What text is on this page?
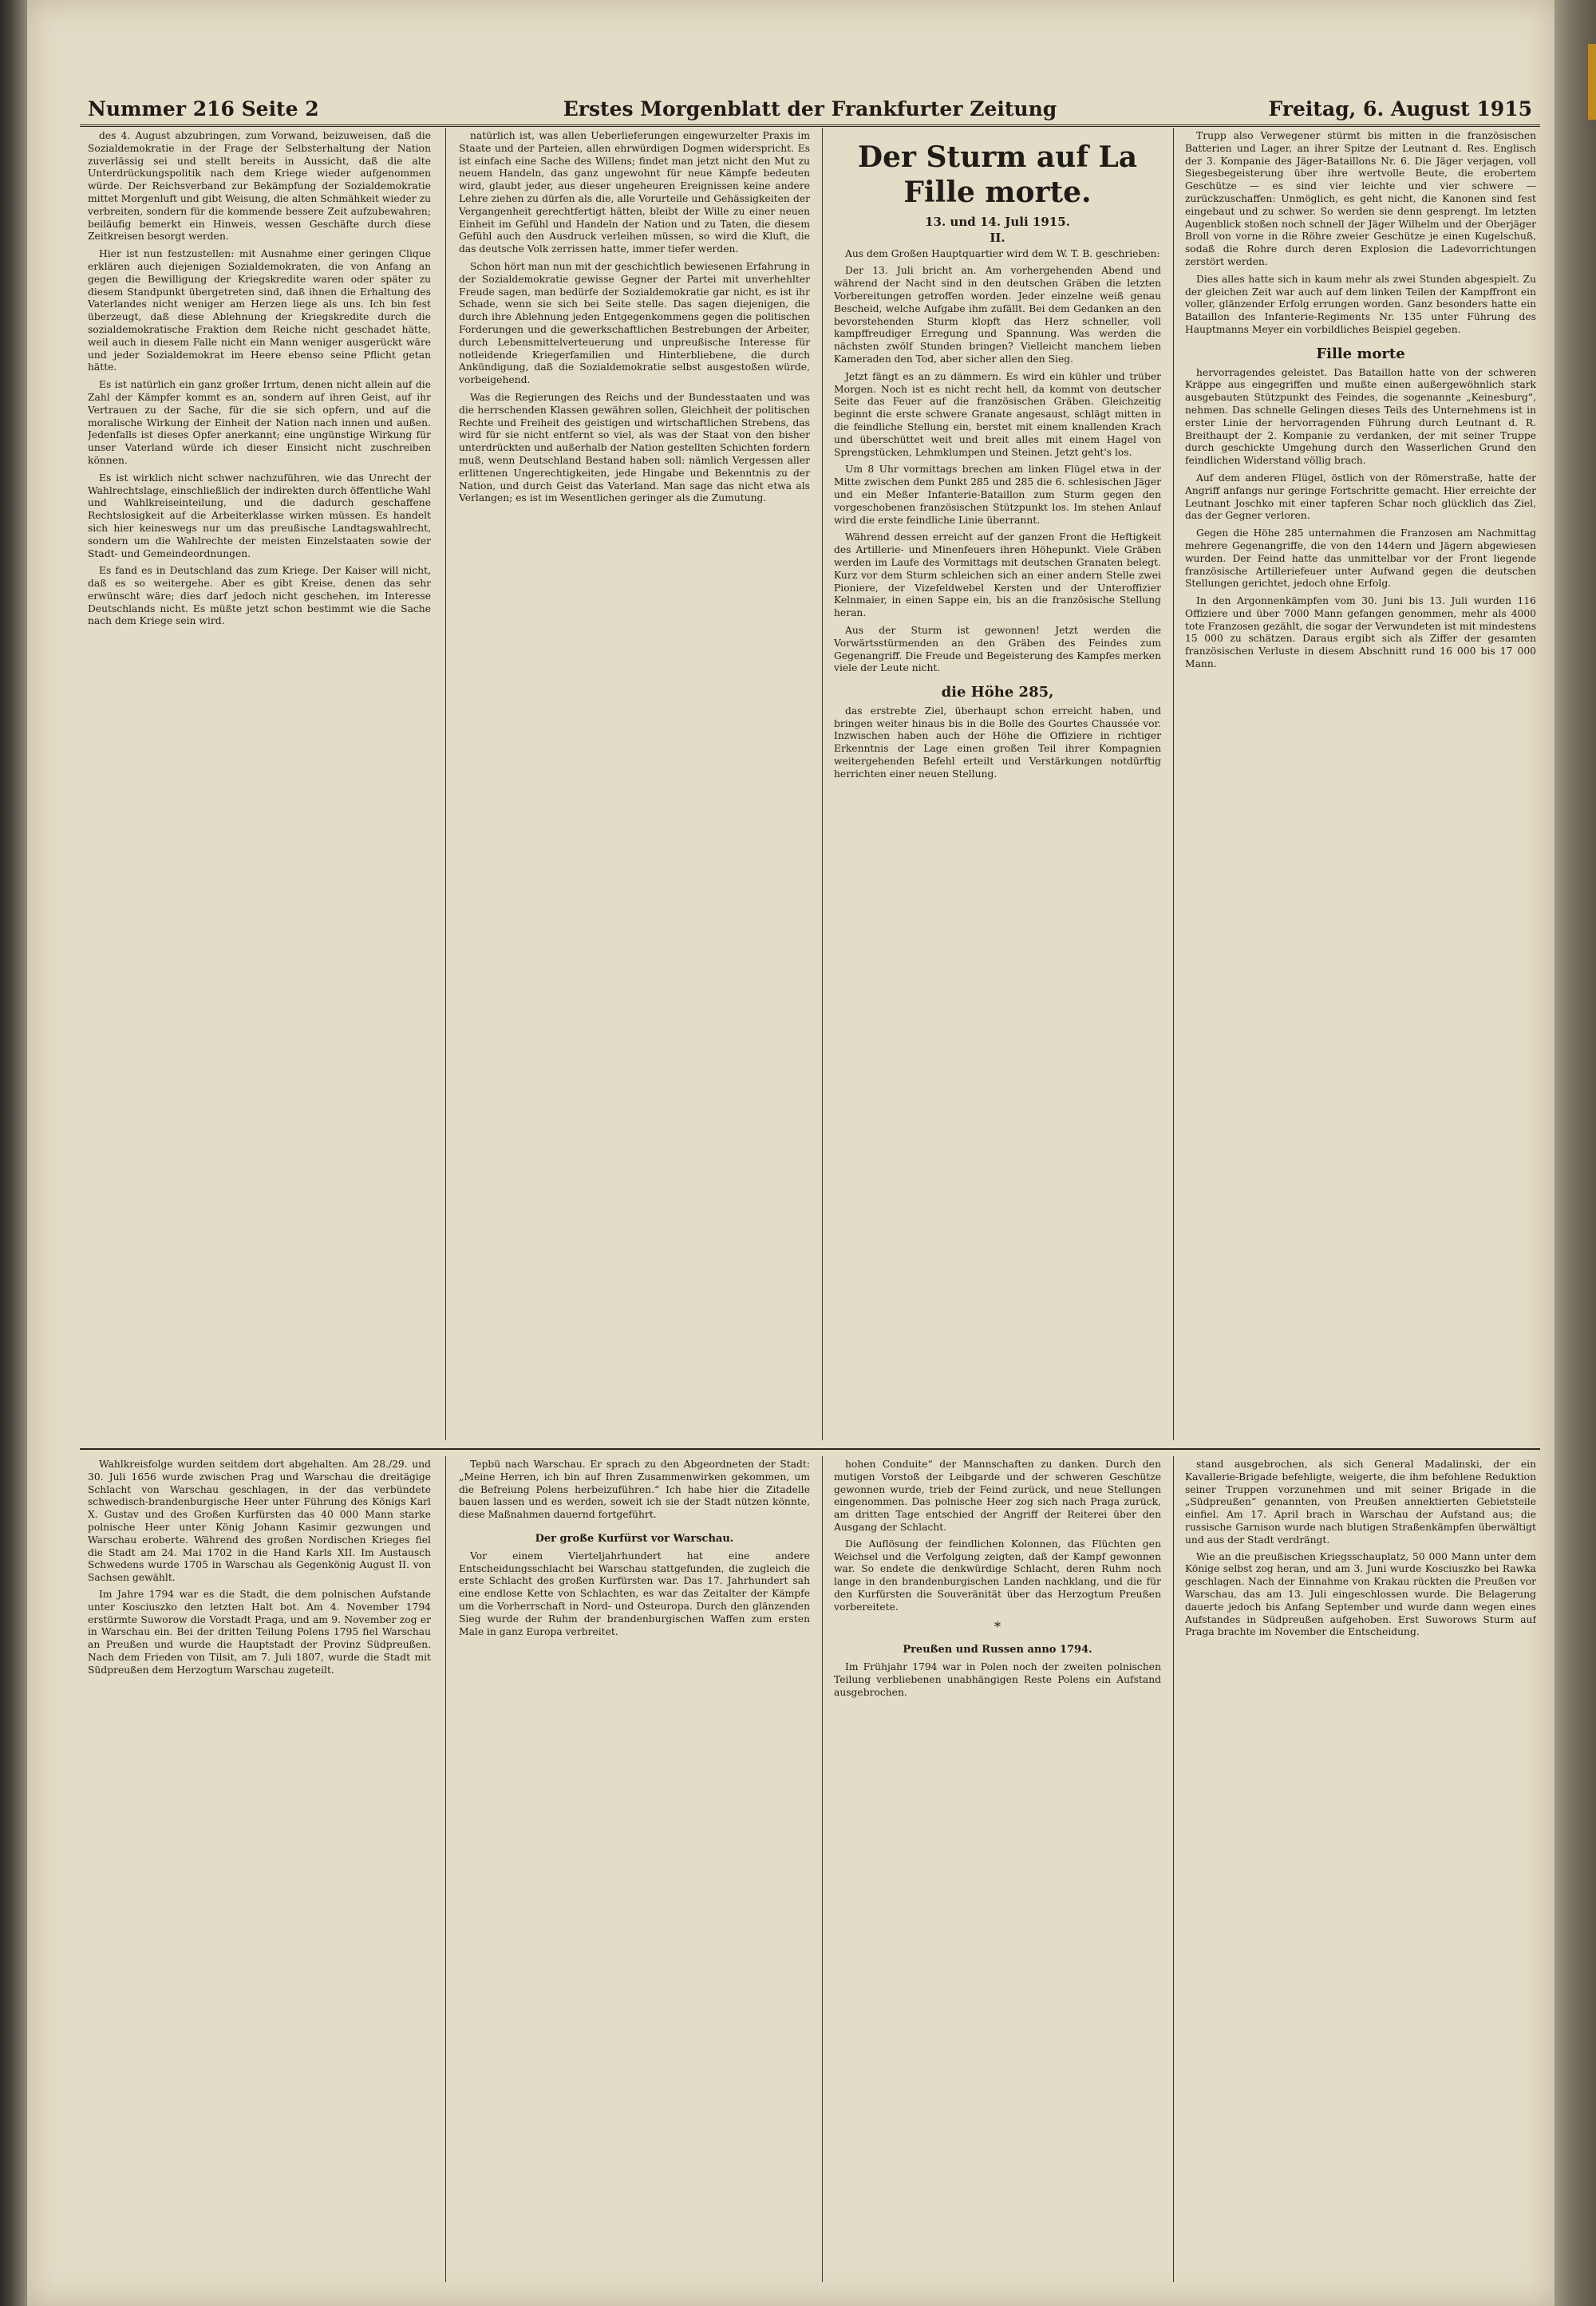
Nummer 216 Seite 2	Erstes Morgenblatt der Frankfurter Zeitung	Freitag, 6. August 1915

des 4. August abzubringen, zum Vorwand, beizuweisen, daß die Sozialdemokratie in der Frage der Selbsterhaltung der Nation zuverlässig sei und stellt bereits in Aussicht, daß die alte Unterdrückungspolitik nach dem Kriege wieder aufgenommen würde. Der Reichsverband zur Bekämpfung der Sozialdemokratie mittet Morgenluft und gibt Weisung, die alten Schmähkeit wieder zu verbreiten, sondern für die kommende bessere Zeit aufzubewahren; beiläufig bemerkt ein Hinweis, wessen Geschäfte durch diese Zeitkreisen besorgt werden.

Hier ist nun festzustellen: mit Ausnahme einer geringen Clique erklären auch diejenigen Sozialdemokraten, die von Anfang an gegen die Bewilligung der Kriegskredite waren oder später zu diesem Standpunkt übergetreten sind, daß ihnen die Erhaltung des Vaterlandes nicht weniger am Herzen liege als uns. Ich bin fest überzeugt, daß diese Ablehnung der Kriegskredite durch die sozialdemokratische Fraktion dem Reiche nicht geschadet hätte, weil auch in diesem Falle nicht ein Mann weniger ausgerückt wäre und jeder Sozialdemokrat im Heere ebenso seine Pflicht getan hätte.

Es ist natürlich ein ganz großer Irrtum, denen nicht allein auf die Zahl der Kämpfer kommt es an, sondern auf ihren Geist, auf ihr Vertrauen zu der Sache, für die sie sich opfern, und auf die moralische Wirkung der Einheit der Nation nach innen und außen. Jedenfalls ist dieses Opfer anerkannt; eine ungünstige Wirkung für unser Vaterland würde ich dieser Einsicht nicht zuschreiben können.

Es ist wirklich nicht schwer nachzuführen, wie das Unrecht der Wahlrechtslage, einschließlich der indirekten durch öffentliche Wahl und Wahlkreiseinteilung, und die dadurch geschaffene Rechtslosigkeit auf die Arbeiterklasse wirken müssen. Es handelt sich hier keineswegs nur um das preußische Landtagswahlrecht, sondern um die Wahlrechte der meisten Einzelstaaten sowie der Stadt- und Gemeindeordnungen.

Es fand es in Deutschland das zum Kriege. Der Kaiser will nicht, daß es so weitergehe. Aber es gibt Kreise, denen das sehr erwünscht wäre; dies darf jedoch nicht geschehen, im Interesse Deutschlands nicht. Es müßte jetzt schon bestimmt wie die Sache nach dem Kriege sein wird.

natürlich ist, was allen Ueberlieferungen eingewurzelter Praxis im Staate und der Parteien, allen ehrwürdigen Dogmen widerspricht. Es ist einfach eine Sache des Willens; findet man jetzt nicht den Mut zu neuem Handeln, das ganz ungewohnt für neue Kämpfe bedeuten wird, glaubt jeder, aus dieser ungeheuren Ereignissen keine andere Lehre ziehen zu dürfen als die, alle Vorurteile und Gehässigkeiten der Vergangenheit gerechtfertigt hätten, bleibt der Wille zu einer neuen Einheit im Gefühl und Handeln der Nation und zu Taten, die diesem Gefühl auch den Ausdruck verleihen müssen, so wird die Kluft, die das deutsche Volk zerrissen hatte, immer tiefer werden.

Schon hört man nun mit der geschichtlich bewiesenen Erfahrung in der Sozialdemokratie gewisse Gegner der Partei mit unverhehlter Freude sagen, man bedürfe der Sozialdemokratie gar nicht, es ist ihr Schade, wenn sie sich bei Seite stelle. Das sagen diejenigen, die durch ihre Ablehnung jeden Entgegenkommens gegen die politischen Forderungen und die gewerkschaftlichen Bestrebungen der Arbeiter, durch Lebensmittelverteuerung und unpreußische Interesse für notleidende Kriegerfamilien und Hinterbliebene, die durch Ankündigung, daß die Sozialdemokratie selbst ausgestoßen würde, vorbeigehend.

Was die Regierungen des Reichs und der Bundesstaaten und was die herrschenden Klassen gewähren sollen, Gleichheit der politischen Rechte und Freiheit des geistigen und wirtschaftlichen Strebens, das wird für sie nicht entfernt so viel, als was der Staat von den bisher unterdrückten und außerhalb der Nation gestellten Schichten fordern muß, wenn Deutschland Bestand haben soll: nämlich Vergessen aller erlittenen Ungerechtigkeiten, jede Hingabe und Bekenntnis zu der Nation, und durch Geist das Vaterland. Man sage das nicht etwa als Verlangen; es ist im Wesentlichen geringer als die Zumutung.

Der Sturm auf La Fille morte.
13. und 14. Juli 1915.
II.

Aus dem Großen Hauptquartier wird dem W. T. B. geschrieben:

Der 13. Juli bricht an. Am vorhergehenden Abend und während der Nacht sind in den deutschen Gräben die letzten Vorbereitungen getroffen worden. Jeder einzelne weiß genau Bescheid, welche Aufgabe ihm zufällt. Bei dem Gedanken an den bevorstehenden Sturm klopft das Herz schneller, voll kampffreudiger Erregung und Spannung. Was werden die nächsten zwölf Stunden bringen? Vielleicht manchem lieben Kameraden den Tod, aber sicher allen den Sieg.

Jetzt fängt es an zu dämmern. Es wird ein kühler und trüber Morgen. Noch ist es nicht recht hell, da kommt von deutscher Seite das Feuer auf die französischen Gräben. Gleichzeitig beginnt die erste schwere Granate angesaust, schlägt mitten in die feindliche Stellung ein, berstet mit einem knallenden Krach und überschüttet weit und breit alles mit einem Hagel von Sprengstücken, Lehmklumpen und Steinen. Jetzt geht's los.

Um 8 Uhr vormittags brechen am linken Flügel etwa in der Mitte zwischen dem Punkt 285 und 285 die 6. schlesischen Jäger und ein Meßer Infanterie-Bataillon zum Sturm gegen den vorgeschobenen französischen Stützpunkt los. Im stehen Anlauf wird die erste feindliche Linie überrannt.

Während dessen erreicht auf der ganzen Front die Heftigkeit des Artillerie- und Minenfeuers ihren Höhepunkt. Viele Gräben werden im Laufe des Vormittags mit deutschen Granaten belegt. Kurz vor dem Sturm schleichen sich an einer andern Stelle zwei Pioniere, der Vizefeldwebel Kersten und der Unteroffizier Kelnmaier, in einen Sappe ein, bis an die französische Stellung heran.

Aus der Sturm ist gewonnen! Jetzt werden die Vorwärtsstürmenden an den Gräben des Feindes zum Gegenangriff. Die Freude und Begeisterung des Kampfes merken viele der Leute nicht.

die Höhe 285,

das erstrebte Ziel, überhaupt schon erreicht haben, und bringen weiter hinaus bis in die Bolle des Gourtes Chaussée vor. Inzwischen haben auch der Höhe die Offiziere in richtiger Erkenntnis der Lage einen großen Teil ihrer Kompagnien weitergehenden Befehl erteilt und Verstärkungen notdürftig herrichten einer neuen Stellung.

Trupp also Verwegener stürmt bis mitten in die französischen Batterien und Lager, an ihrer Spitze der Leutnant d. Res. Englisch der 3. Kompanie des Jäger-Bataillons Nr. 6. Die Jäger verjagen, voll Siegesbegeisterung über ihre wertvolle Beute, die erobertem Geschütze — es sind vier leichte und vier schwere — zurückzuschaffen: Unmöglich, es geht nicht, die Kanonen sind fest eingebaut und zu schwer. So werden sie denn gesprengt. Im letzten Augenblick stoßen noch schnell der Jäger Wilhelm und der Oberjäger Broll von vorne in die Röhre zweier Geschütze je einen Kugelschuß, sodaß die Rohre durch deren Explosion die Ladevorrichtungen zerstört werden.

Dies alles hatte sich in kaum mehr als zwei Stunden abgespielt. Zu der gleichen Zeit war auch auf dem linken Teilen der Kampffront ein voller, glänzender Erfolg errungen worden. Ganz besonders hatte ein Bataillon des Infanterie-Regiments Nr. 135 unter Führung des Hauptmanns Meyer ein vorbildliches Beispiel gegeben.

Fille morte

hervorragendes geleistet. Das Bataillon hatte von der schweren Kräppe aus eingegriffen und mußte einen außergewöhnlich stark ausgebauten Stützpunkt des Feindes, die sogenannte „Keinesburg“, nehmen. Das schnelle Gelingen dieses Teils des Unternehmens ist in erster Linie der hervorragenden Führung durch Leutnant d. R. Breithaupt der 2. Kompanie zu verdanken, der mit seiner Truppe durch geschickte Umgehung durch den Wasserlichen Grund den feindlichen Widerstand völlig brach.

Auf dem anderen Flügel, östlich von der Römerstraße, hatte der Angriff anfangs nur geringe Fortschritte gemacht. Hier erreichte der Leutnant Joschko mit einer tapferen Schar noch glücklich das Ziel, das der Gegner verloren.

Gegen die Höhe 285 unternahmen die Franzosen am Nachmittag mehrere Gegenangriffe, die von den 144ern und Jägern abgewiesen wurden. Der Feind hatte das unmittelbar vor der Front liegende französische Artilleriefeuer unter Aufwand gegen die deutschen Stellungen gerichtet, jedoch ohne Erfolg.

In den Argonnenkämpfen vom 30. Juni bis 13. Juli wurden 116 Offiziere und über 7000 Mann gefangen genommen, mehr als 4000 tote Franzosen gezählt, die sogar der Verwundeten ist mit mindestens 15 000 zu schätzen. Daraus ergibt sich als Ziffer der gesamten französischen Verluste in diesem Abschnitt rund 16 000 bis 17 000 Mann.

Wahlkreisfolge wurden seitdem dort abgehalten. Am 28./29. und 30. Juli 1656 wurde zwischen Prag und Warschau die dreitägige Schlacht von Warschau geschlagen, in der das verbündete schwedisch-brandenburgische Heer unter Führung des Königs Karl X. Gustav und des Großen Kurfürsten das 40 000 Mann starke polnische Heer unter König Johann Kasimir gezwungen und Warschau eroberte. Während des großen Nordischen Krieges fiel die Stadt am 24. Mai 1702 in die Hand Karls XII. Im Austausch Schwedens wurde 1705 in Warschau als Gegenkönig August II. von Sachsen gewählt.

Im Jahre 1794 war es die Stadt, die dem polnischen Aufstande unter Kosciuszko den letzten Halt bot. Am 4. November 1794 erstürmte Suworow die Vorstadt Praga, und am 9. November zog er in Warschau ein. Bei der dritten Teilung Polens 1795 fiel Warschau an Preußen und wurde die Hauptstadt der Provinz Südpreußen. Nach dem Frieden von Tilsit, am 7. Juli 1807, wurde die Stadt mit Südpreußen dem Herzogtum Warschau zugeteilt.

Tepbü nach Warschau. Er sprach zu den Abgeordneten der Stadt: „Meine Herren, ich bin auf Ihren Zusammenwirken gekommen, um die Befreiung Polens herbeizuführen.“ Ich habe hier die Zitadelle bauen lassen und es werden, soweit ich sie der Stadt nützen könnte, diese Maßnahmen dauernd fortgeführt.

Der große Kurfürst vor Warschau.

Vor einem Vierteljahrhundert hat eine andere Entscheidungsschlacht bei Warschau stattgefunden, die zugleich die erste Schlacht des großen Kurfürsten war. Das 17. Jahrhundert sah eine endlose Kette von Schlachten, es war das Zeitalter der Kämpfe um die Vorherrschaft in Nord- und Osteuropa. Durch den glänzenden Sieg wurde der Ruhm der brandenburgischen Waffen zum ersten Male in ganz Europa verbreitet.

hohen Conduite“ der Mannschaften zu danken. Durch den mutigen Vorstoß der Leibgarde und der schweren Geschütze gewonnen wurde, trieb der Feind zurück, und neue Stellungen eingenommen. Das polnische Heer zog sich nach Praga zurück, am dritten Tage entschied der Angriff der Reiterei über den Ausgang der Schlacht.

Die Auflösung der feindlichen Kolonnen, das Flüchten gen Weichsel und die Verfolgung zeigten, daß der Kampf gewonnen war. So endete die denkwürdige Schlacht, deren Ruhm noch lange in den brandenburgischen Landen nachklang, und die für den Kurfürsten die Souveränität über das Herzogtum Preußen vorbereitete.

*
Preußen und Russen anno 1794.

Im Frühjahr 1794 war in Polen noch der zweiten polnischen Teilung verbliebenen unabhängigen Reste Polens ein Aufstand ausgebrochen.

stand ausgebrochen, als sich General Madalinski, der ein Kavallerie-Brigade befehligte, weigerte, die ihm befohlene Reduktion seiner Truppen vorzunehmen und mit seiner Brigade in die „Südpreußen“ genannten, von Preußen annektierten Gebietsteile einfiel. Am 17. April brach in Warschau der Aufstand aus; die russische Garnison wurde nach blutigen Straßenkämpfen überwältigt und aus der Stadt verdrängt.

Wie an die preußischen Kriegsschauplatz, 50 000 Mann unter dem Könige selbst zog heran, und am 3. Juni wurde Kosciuszko bei Rawka geschlagen. Nach der Einnahme von Krakau rückten die Preußen vor Warschau, das am 13. Juli eingeschlossen wurde. Die Belagerung dauerte jedoch bis Anfang September und wurde dann wegen eines Aufstandes in Südpreußen aufgehoben. Erst Suworows Sturm auf Praga brachte im November die Entscheidung.
